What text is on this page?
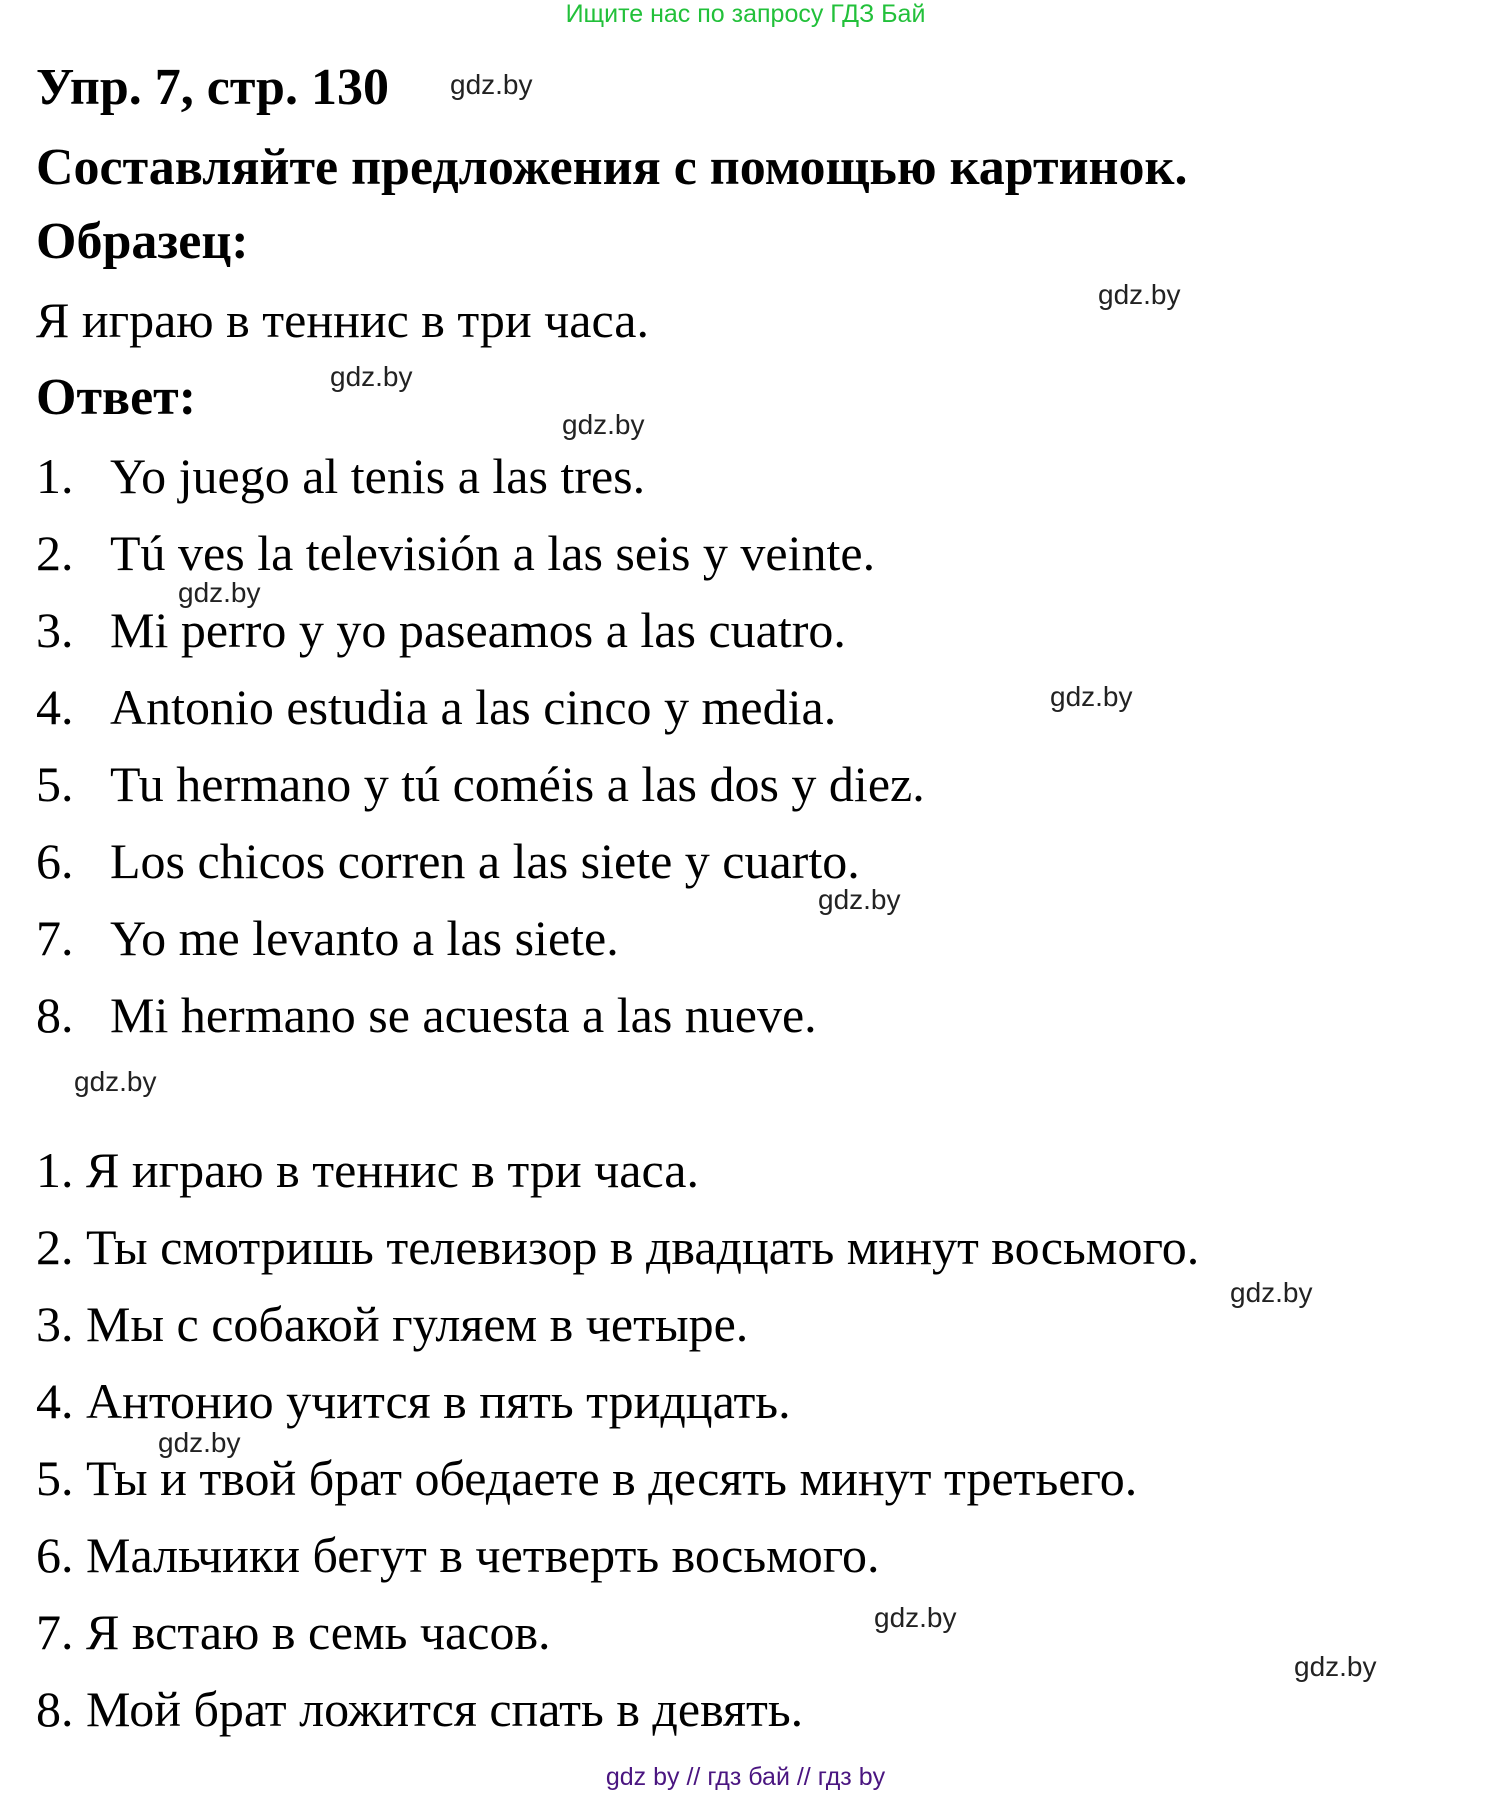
Ищите нас по запросу ГДЗ Бай
Упр. 7, стр. 130
Составляйте предложения с помощью картинок.
Образец:
Я играю в теннис в три часа.
Ответ:
1. Yo juego al tenis a las tres.
2. Tú ves la televisión a las seis y veinte.
3. Mi perro y yo paseamos a las cuatro.
4. Antonio estudia a las cinco y media.
5. Tu hermano y tú coméis a las dos y diez.
6. Los chicos corren a las siete y cuarto.
7. Yo me levanto a las siete.
8. Mi hermano se acuesta a las nueve.
1. Я играю в теннис в три часа.
2. Ты смотришь телевизор в двадцать минут восьмого.
3. Мы с собакой гуляем в четыре.
4. Антонио учится в пять тридцать.
5. Ты и твой брат обедаете в десять минут третьего.
6. Мальчики бегут в четверть восьмого.
7. Я встаю в семь часов.
8. Мой брат ложится спать в девять.
gdz.by
gdz.by
gdz.by
gdz.by
gdz.by
gdz.by
gdz.by
gdz.by
gdz.by
gdz.by
gdz.by
gdz.by
gdz by // гдз бай // гдз by
